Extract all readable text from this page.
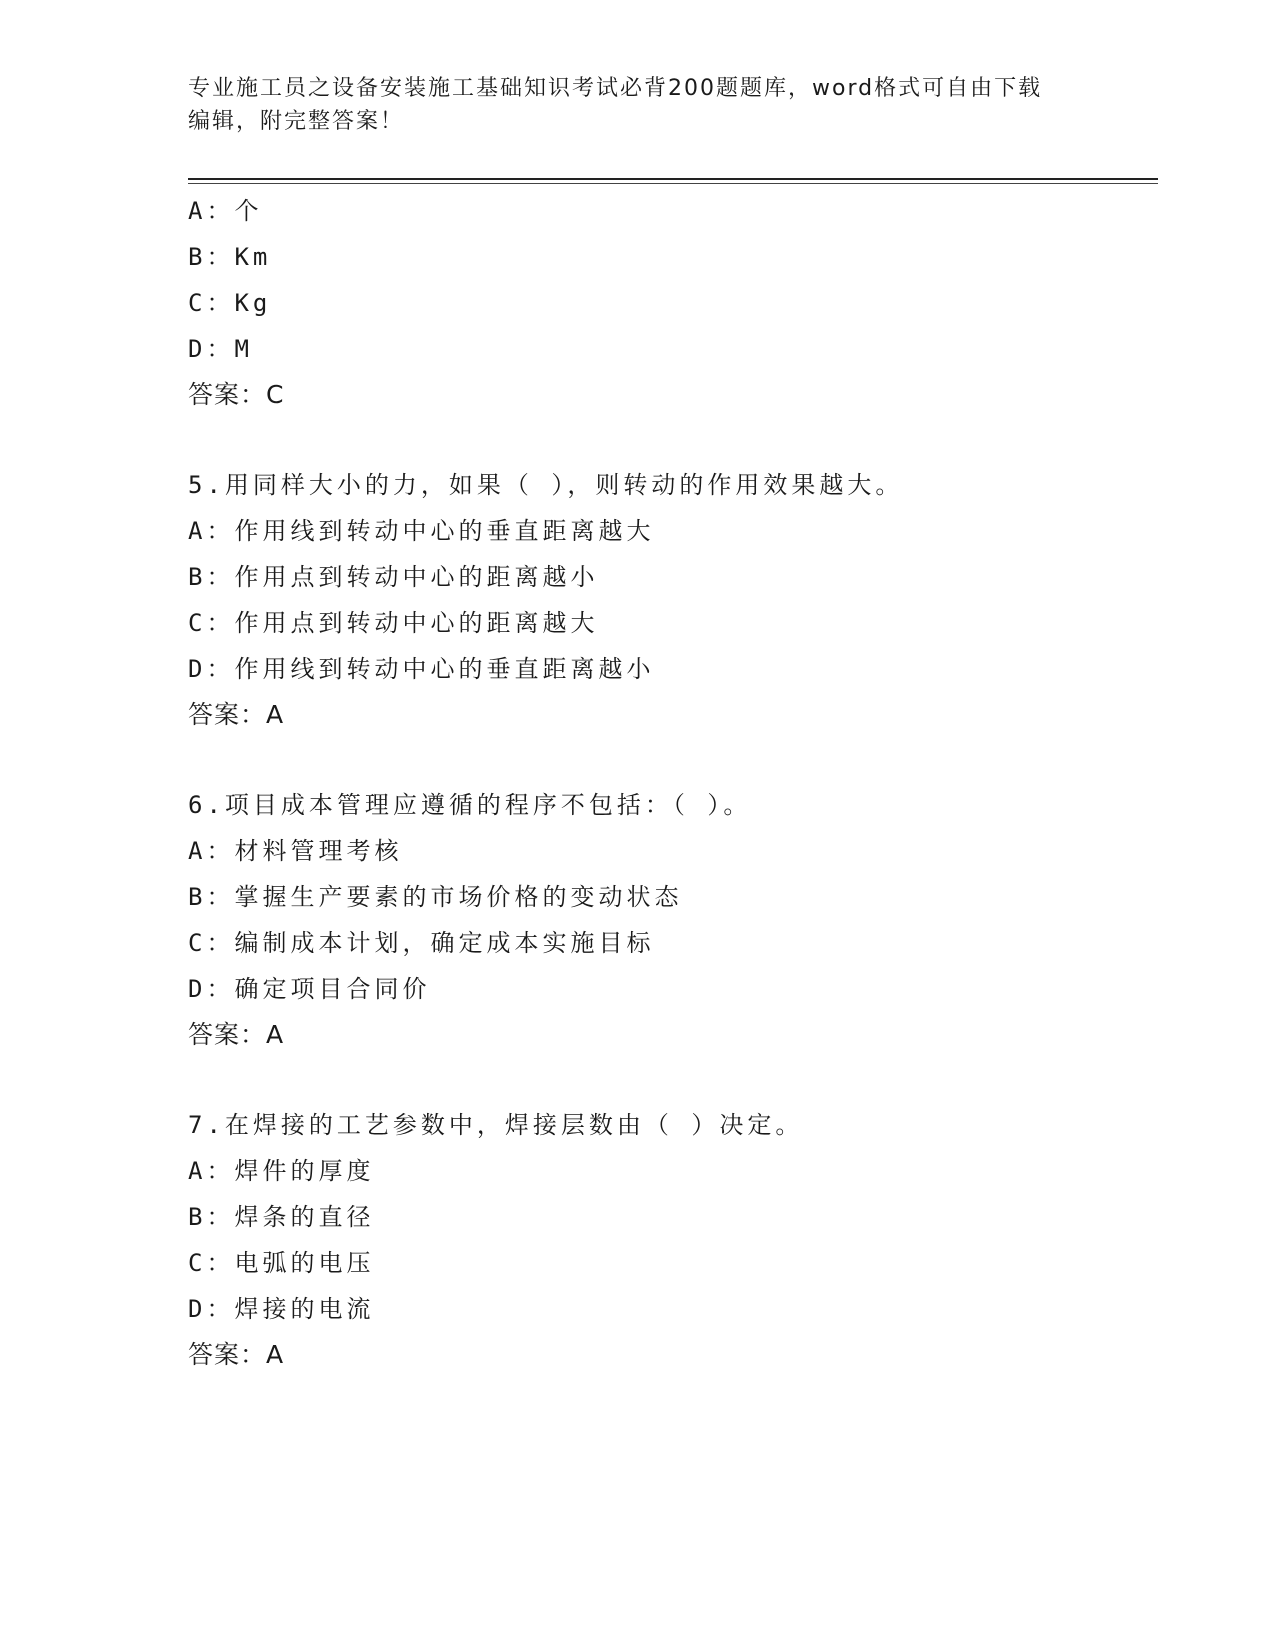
专业施工员之设备安装施工基础知识考试必背200题题库，word格式可自由下载
编辑，附完整答案！
A：个
B：Km
C：Kg
D：M
答案：C
5.用同样大小的力，如果（ ），则转动的作用效果越大。
A：作用线到转动中心的垂直距离越大
B：作用点到转动中心的距离越小
C：作用点到转动中心的距离越大
D：作用线到转动中心的垂直距离越小
答案：A
6.项目成本管理应遵循的程序不包括：（ ）。
A：材料管理考核
B：掌握生产要素的市场价格的变动状态
C：编制成本计划，确定成本实施目标
D：确定项目合同价
答案：A
7.在焊接的工艺参数中，焊接层数由（ ）决定。
A：焊件的厚度
B：焊条的直径
C：电弧的电压
D：焊接的电流
答案：A
